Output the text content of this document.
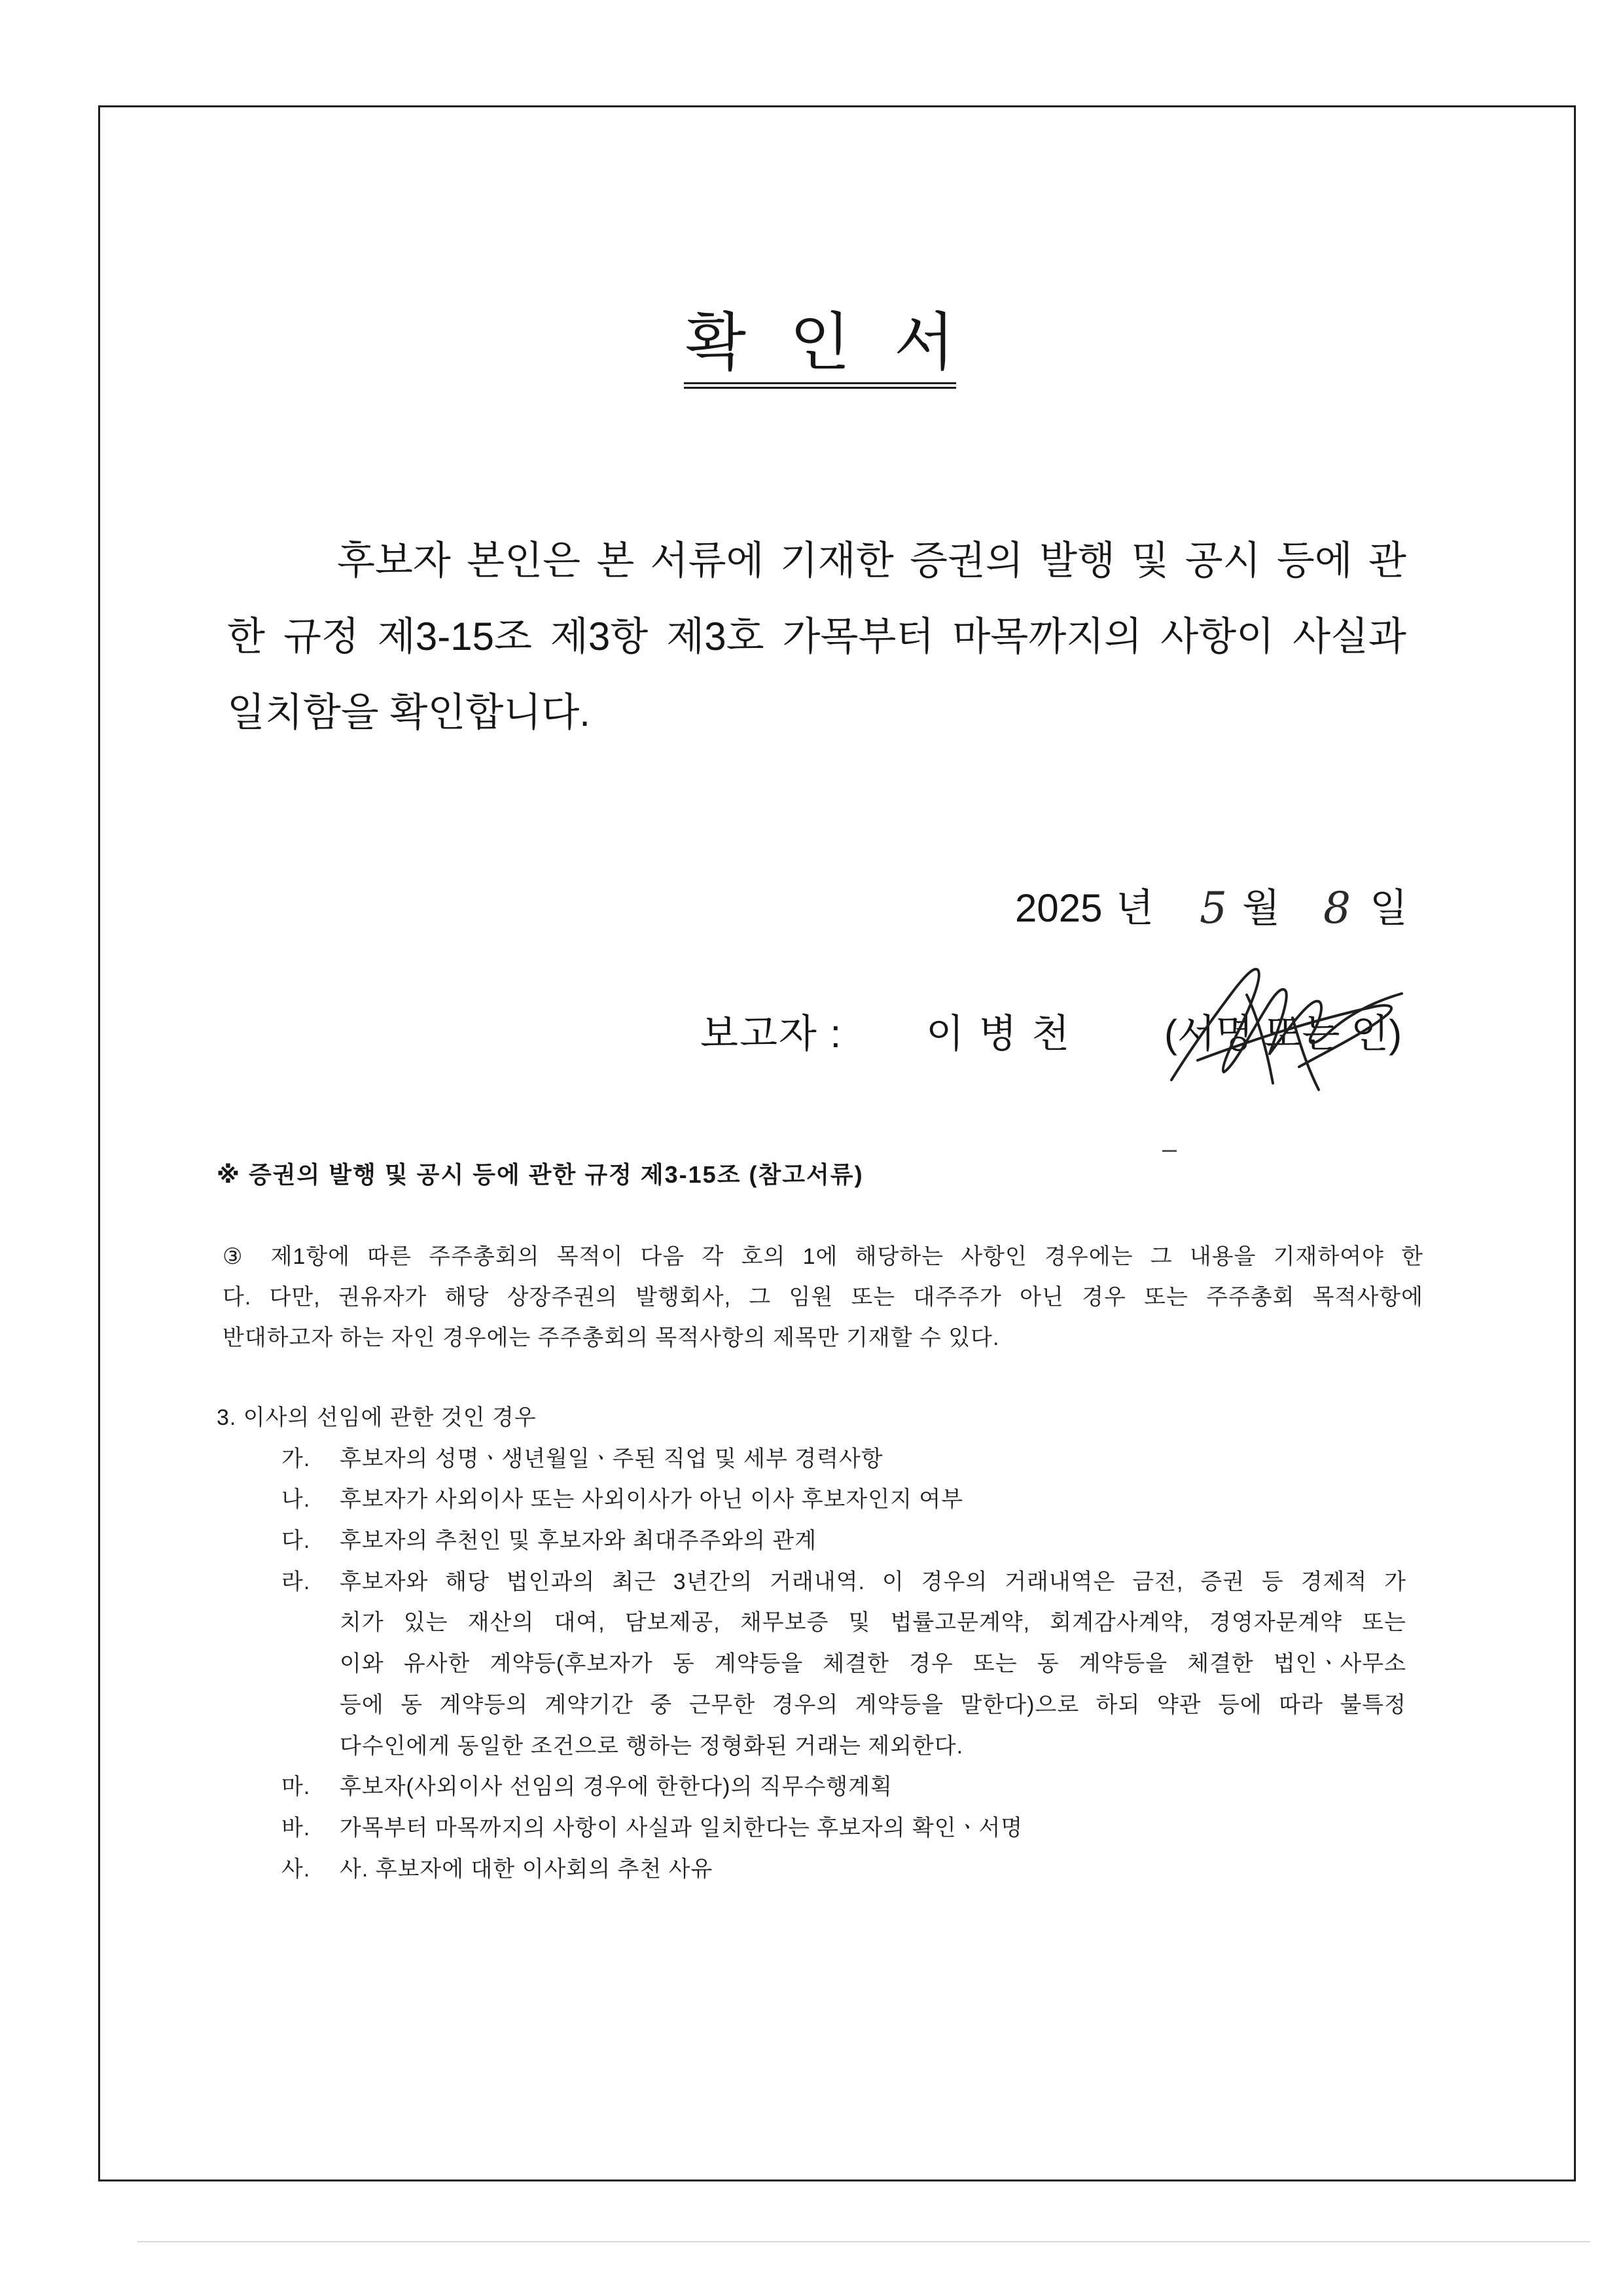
확 인 서
후보자 본인은 본 서류에 기재한 증권의 발행 및 공시 등에 관
한 규정 제3-15조 제3항 제3호 가목부터 마목까지의 사항이 사실과
일치함을 확인합니다.
2025 년 5 월 8 일
보고자 : 이 병 천 (서명 또는 인)
※ 증권의 발행 및 공시 등에 관한 규정 제3-15조 (참고서류)
③ 제1항에 따른 주주총회의 목적이 다음 각 호의 1에 해당하는 사항인 경우에는 그 내용을 기재하여야 한
다. 다만, 권유자가 해당 상장주권의 발행회사, 그 임원 또는 대주주가 아닌 경우 또는 주주총회 목적사항에
반대하고자 하는 자인 경우에는 주주총회의 목적사항의 제목만 기재할 수 있다.
3. 이사의 선임에 관한 것인 경우
가. 후보자의 성명ㆍ생년월일ㆍ주된 직업 및 세부 경력사항
나. 후보자가 사외이사 또는 사외이사가 아닌 이사 후보자인지 여부
다. 후보자의 추천인 및 후보자와 최대주주와의 관계
라. 후보자와 해당 법인과의 최근 3년간의 거래내역. 이 경우의 거래내역은 금전, 증권 등 경제적 가
치가 있는 재산의 대여, 담보제공, 채무보증 및 법률고문계약, 회계감사계약, 경영자문계약 또는
이와 유사한 계약등(후보자가 동 계약등을 체결한 경우 또는 동 계약등을 체결한 법인ㆍ사무소
등에 동 계약등의 계약기간 중 근무한 경우의 계약등을 말한다)으로 하되 약관 등에 따라 불특정
다수인에게 동일한 조건으로 행하는 정형화된 거래는 제외한다.
마. 후보자(사외이사 선임의 경우에 한한다)의 직무수행계획
바. 가목부터 마목까지의 사항이 사실과 일치한다는 후보자의 확인ㆍ서명
사. 사. 후보자에 대한 이사회의 추천 사유
